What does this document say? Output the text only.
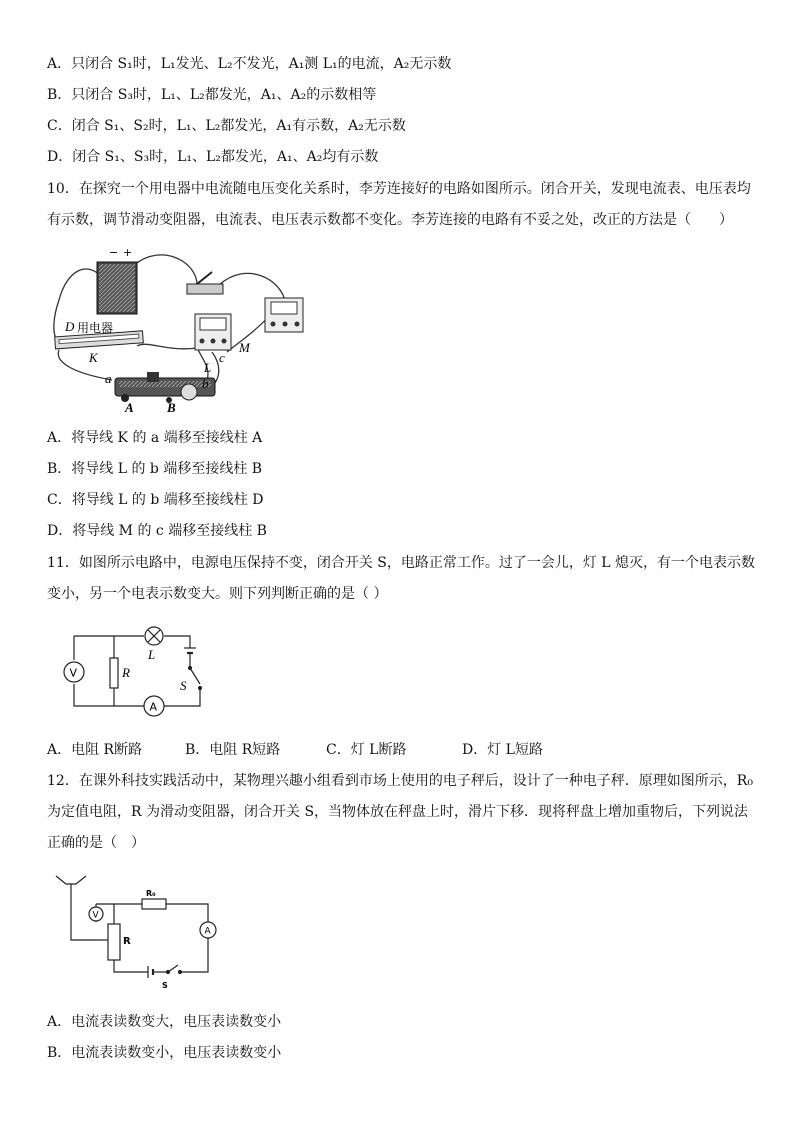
A．只闭合 S₁时，L₁发光、L₂不发光，A₁测 L₁的电流，A₂无示数
B．只闭合 S₃时，L₁、L₂都发光，A₁、A₂的示数相等
C．闭合 S₁、S₂时，L₁、L₂都发光，A₁有示数，A₂无示数
D．闭合 S₁、S₃时，L₁、L₂都发光，A₁、A₂均有示数
10．在探究一个用电器中电流随电压变化关系时，李芳连接好的电路如图所示。闭合开关，发现电流表、电压表均
有示数，调节滑动变阻器，电流表、电压表示数都不变化。李芳连接的电路有不妥之处，改正的方法是（　　）
− +
D 用电器
K
L
M
a	b
c
A	B
A．将导线 K 的 a 端移至接线柱 A
B．将导线 L 的 b 端移至接线柱 B
C．将导线 L 的 b 端移至接线柱 D
D．将导线 M 的 c 端移至接线柱 B
11．如图所示电路中，电源电压保持不变，闭合开关 S，电路正常工作。过了一会儿，灯 L 熄灭，有一个电表示数
变小，另一个电表示数变大。则下列判断正确的是（ ）
V	R
L
S
A
A．电阻 R断路	B．电阻 R短路	C．灯 L断路	D．灯 L短路
12．在课外科技实践活动中，某物理兴趣小组看到市场上使用的电子秤后，设计了一种电子秤．原理如图所示，R₀
为定值电阻，R 为滑动变阻器，闭合开关 S，当物体放在秤盘上时，滑片下移．现将秤盘上增加重物后，下列说法
正确的是（　）
V
R₀
R
A
S
A．电流表读数变大，电压表读数变小
B．电流表读数变小，电压表读数变小
